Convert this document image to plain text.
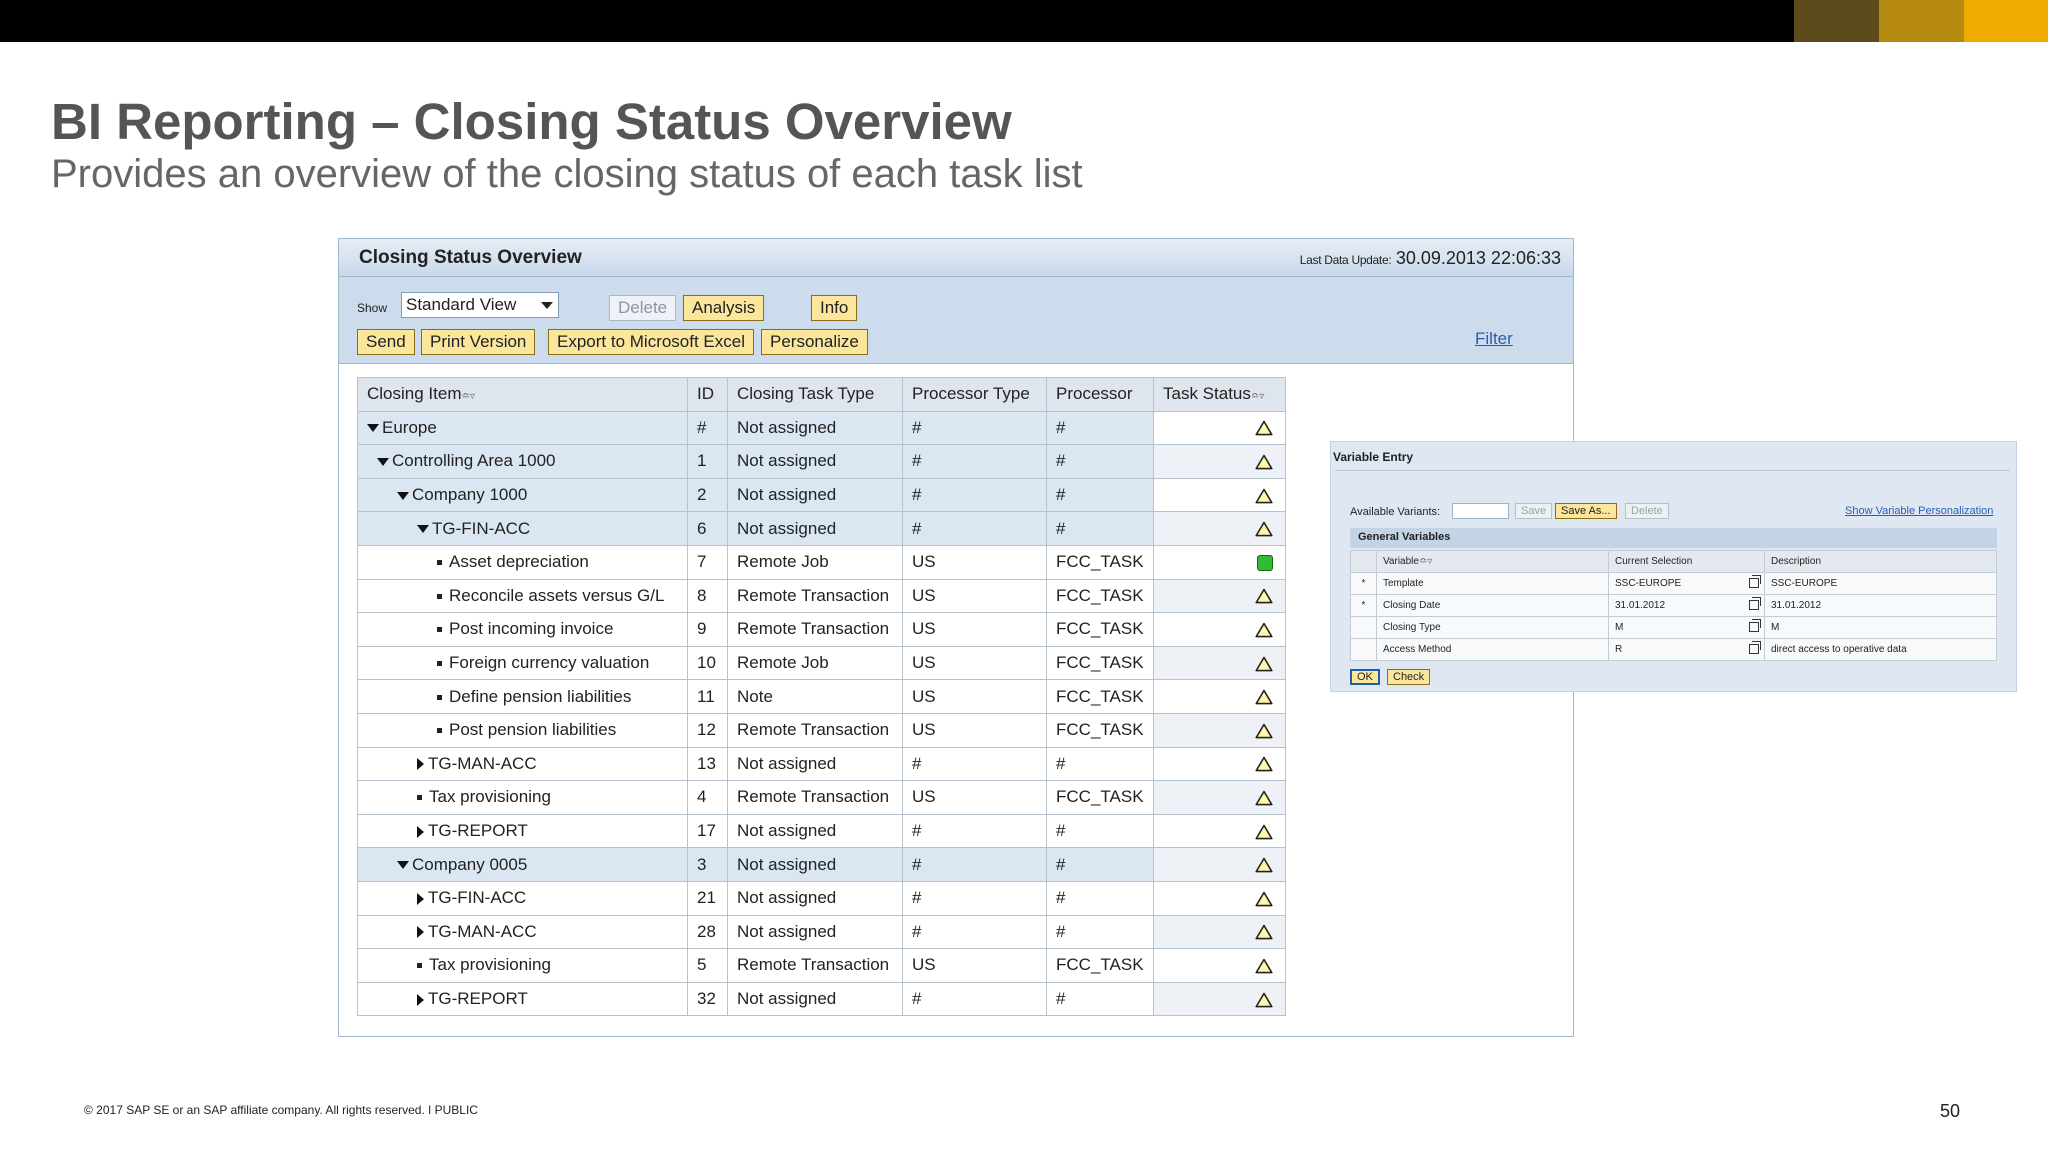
BI Reporting – Closing Status Overview
Provides an overview of the closing status of each task list
Closing Status Overview	Last Data Update: 30.09.2013 22:06:33
Show Standard View	Delete	Analysis	Info
Send	Print Version	Export to Microsoft Excel	Personalize	Filter
Closing Item≏▿	ID	Closing Task Type	Processor Type	Processor	Task Status≏▿
Europe	#	Not assigned	#	#	
Controlling Area 1000	1	Not assigned	#	#	
Company 1000	2	Not assigned	#	#	
TG-FIN-ACC	6	Not assigned	#	#	
Asset depreciation	7	Remote Job	US	FCC_TASK	
Reconcile assets versus G/L	8	Remote Transaction	US	FCC_TASK	
Post incoming invoice	9	Remote Transaction	US	FCC_TASK	
Foreign currency valuation	10	Remote Job	US	FCC_TASK	
Define pension liabilities	11	Note	US	FCC_TASK	
Post pension liabilities	12	Remote Transaction	US	FCC_TASK	
TG-MAN-ACC	13	Not assigned	#	#	
Tax provisioning	4	Remote Transaction	US	FCC_TASK	
TG-REPORT	17	Not assigned	#	#	
Company 0005	3	Not assigned	#	#	
TG-FIN-ACC	21	Not assigned	#	#	
TG-MAN-ACC	28	Not assigned	#	#	
Tax provisioning	5	Remote Transaction	US	FCC_TASK	
TG-REPORT	32	Not assigned	#	#	
Variable Entry
Available Variants:	Save	Save As...	Delete	Show Variable Personalization
General Variables
	Variable≏▿	Current Selection	Description
*	Template	SSC-EUROPE	SSC-EUROPE
*	Closing Date	31.01.2012	31.01.2012
	Closing Type	M	M
	Access Method	R	direct access to operative data
OK	Check
© 2017 SAP SE or an SAP affiliate company. All rights reserved. ǀ PUBLIC	50
